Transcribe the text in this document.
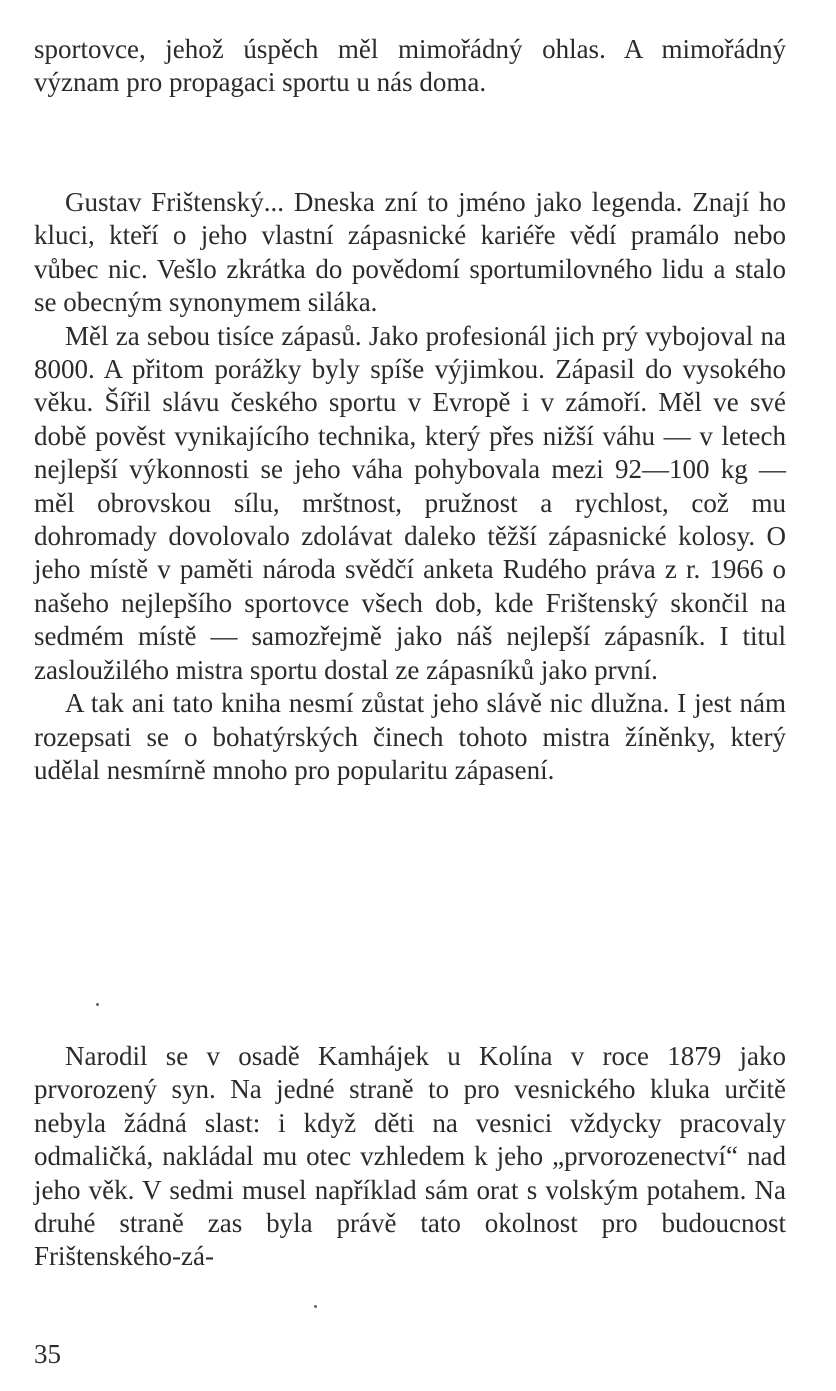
sportovce, jehož úspěch měl mimořádný ohlas. A mimořádný význam pro propagaci sportu u nás doma.

Gustav Frištenský... Dneska zní to jméno jako legenda. Znají ho kluci, kteří o jeho vlastní zápasnické kariéře vědí pramálo nebo vůbec nic. Vešlo zkrátka do povědomí sportumilovného lidu a stalo se obecným synonymem siláka.

Měl za sebou tisíce zápasů. Jako profesionál jich prý vybojoval na 8000. A přitom porážky byly spíše výjimkou. Zápasil do vysokého věku. Šířil slávu českého sportu v Evropě i v zámoří. Měl ve své době pověst vynikajícího technika, který přes nižší váhu — v letech nejlepší výkonnosti se jeho váha pohybovala mezi 92—100 kg — měl obrovskou sílu, mrštnost, pružnost a rychlost, což mu dohromady dovolovalo zdolávat daleko těžší zápasnické kolosy. O jeho místě v paměti národa svědčí anketa Rudého práva z r. 1966 o našeho nejlepšího sportovce všech dob, kde Frištenský skončil na sedmém místě — samozřejmě jako náš nejlepší zápasník. I titul zasloužilého mistra sportu dostal ze zápasníků jako první.

A tak ani tato kniha nesmí zůstat jeho slávě nic dlužna. I jest nám rozepsati se o bohatýrských činech tohoto mistra žíněnky, který udělal nesmírně mnoho pro popularitu zápasení.

Narodil se v osadě Kamhájek u Kolína v roce 1879 jako prvorozený syn. Na jedné straně to pro vesnického kluka určitě nebyla žádná slast: i když děti na vesnici vždycky pracovaly odmaličká, nakládal mu otec vzhledem k jeho „prvorozenectví“ nad jeho věk. V sedmi musel například sám orat s volským potahem. Na druhé straně zas byla právě tato okolnost pro budoucnost Frištenského-zá-

35
